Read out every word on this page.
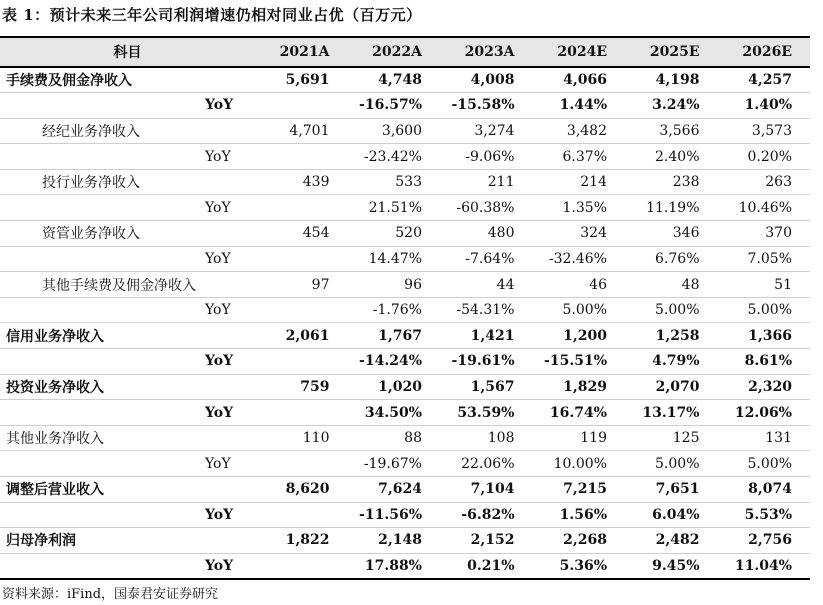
表 1：预计未来三年公司利润增速仍相对同业占优（百万元）
科目	2021A	2022A	2023A	2024E	2025E	2026E
手续费及佣金净收入	5,691	4,748	4,008	4,066	4,198	4,257
YoY		-16.57%	-15.58%	1.44%	3.24%	1.40%
经纪业务净收入	4,701	3,600	3,274	3,482	3,566	3,573
YoY		-23.42%	-9.06%	6.37%	2.40%	0.20%
投行业务净收入	439	533	211	214	238	263
YoY		21.51%	-60.38%	1.35%	11.19%	10.46%
资管业务净收入	454	520	480	324	346	370
YoY		14.47%	-7.64%	-32.46%	6.76%	7.05%
其他手续费及佣金净收入	97	96	44	46	48	51
YoY		-1.76%	-54.31%	5.00%	5.00%	5.00%
信用业务净收入	2,061	1,767	1,421	1,200	1,258	1,366
YoY		-14.24%	-19.61%	-15.51%	4.79%	8.61%
投资业务净收入	759	1,020	1,567	1,829	2,070	2,320
YoY		34.50%	53.59%	16.74%	13.17%	12.06%
其他业务净收入	110	88	108	119	125	131
YoY		-19.67%	22.06%	10.00%	5.00%	5.00%
调整后营业收入	8,620	7,624	7,104	7,215	7,651	8,074
YoY		-11.56%	-6.82%	1.56%	6.04%	5.53%
归母净利润	1,822	2,148	2,152	2,268	2,482	2,756
YoY		17.88%	0.21%	5.36%	9.45%	11.04%
资料来源：iFind，国泰君安证券研究
